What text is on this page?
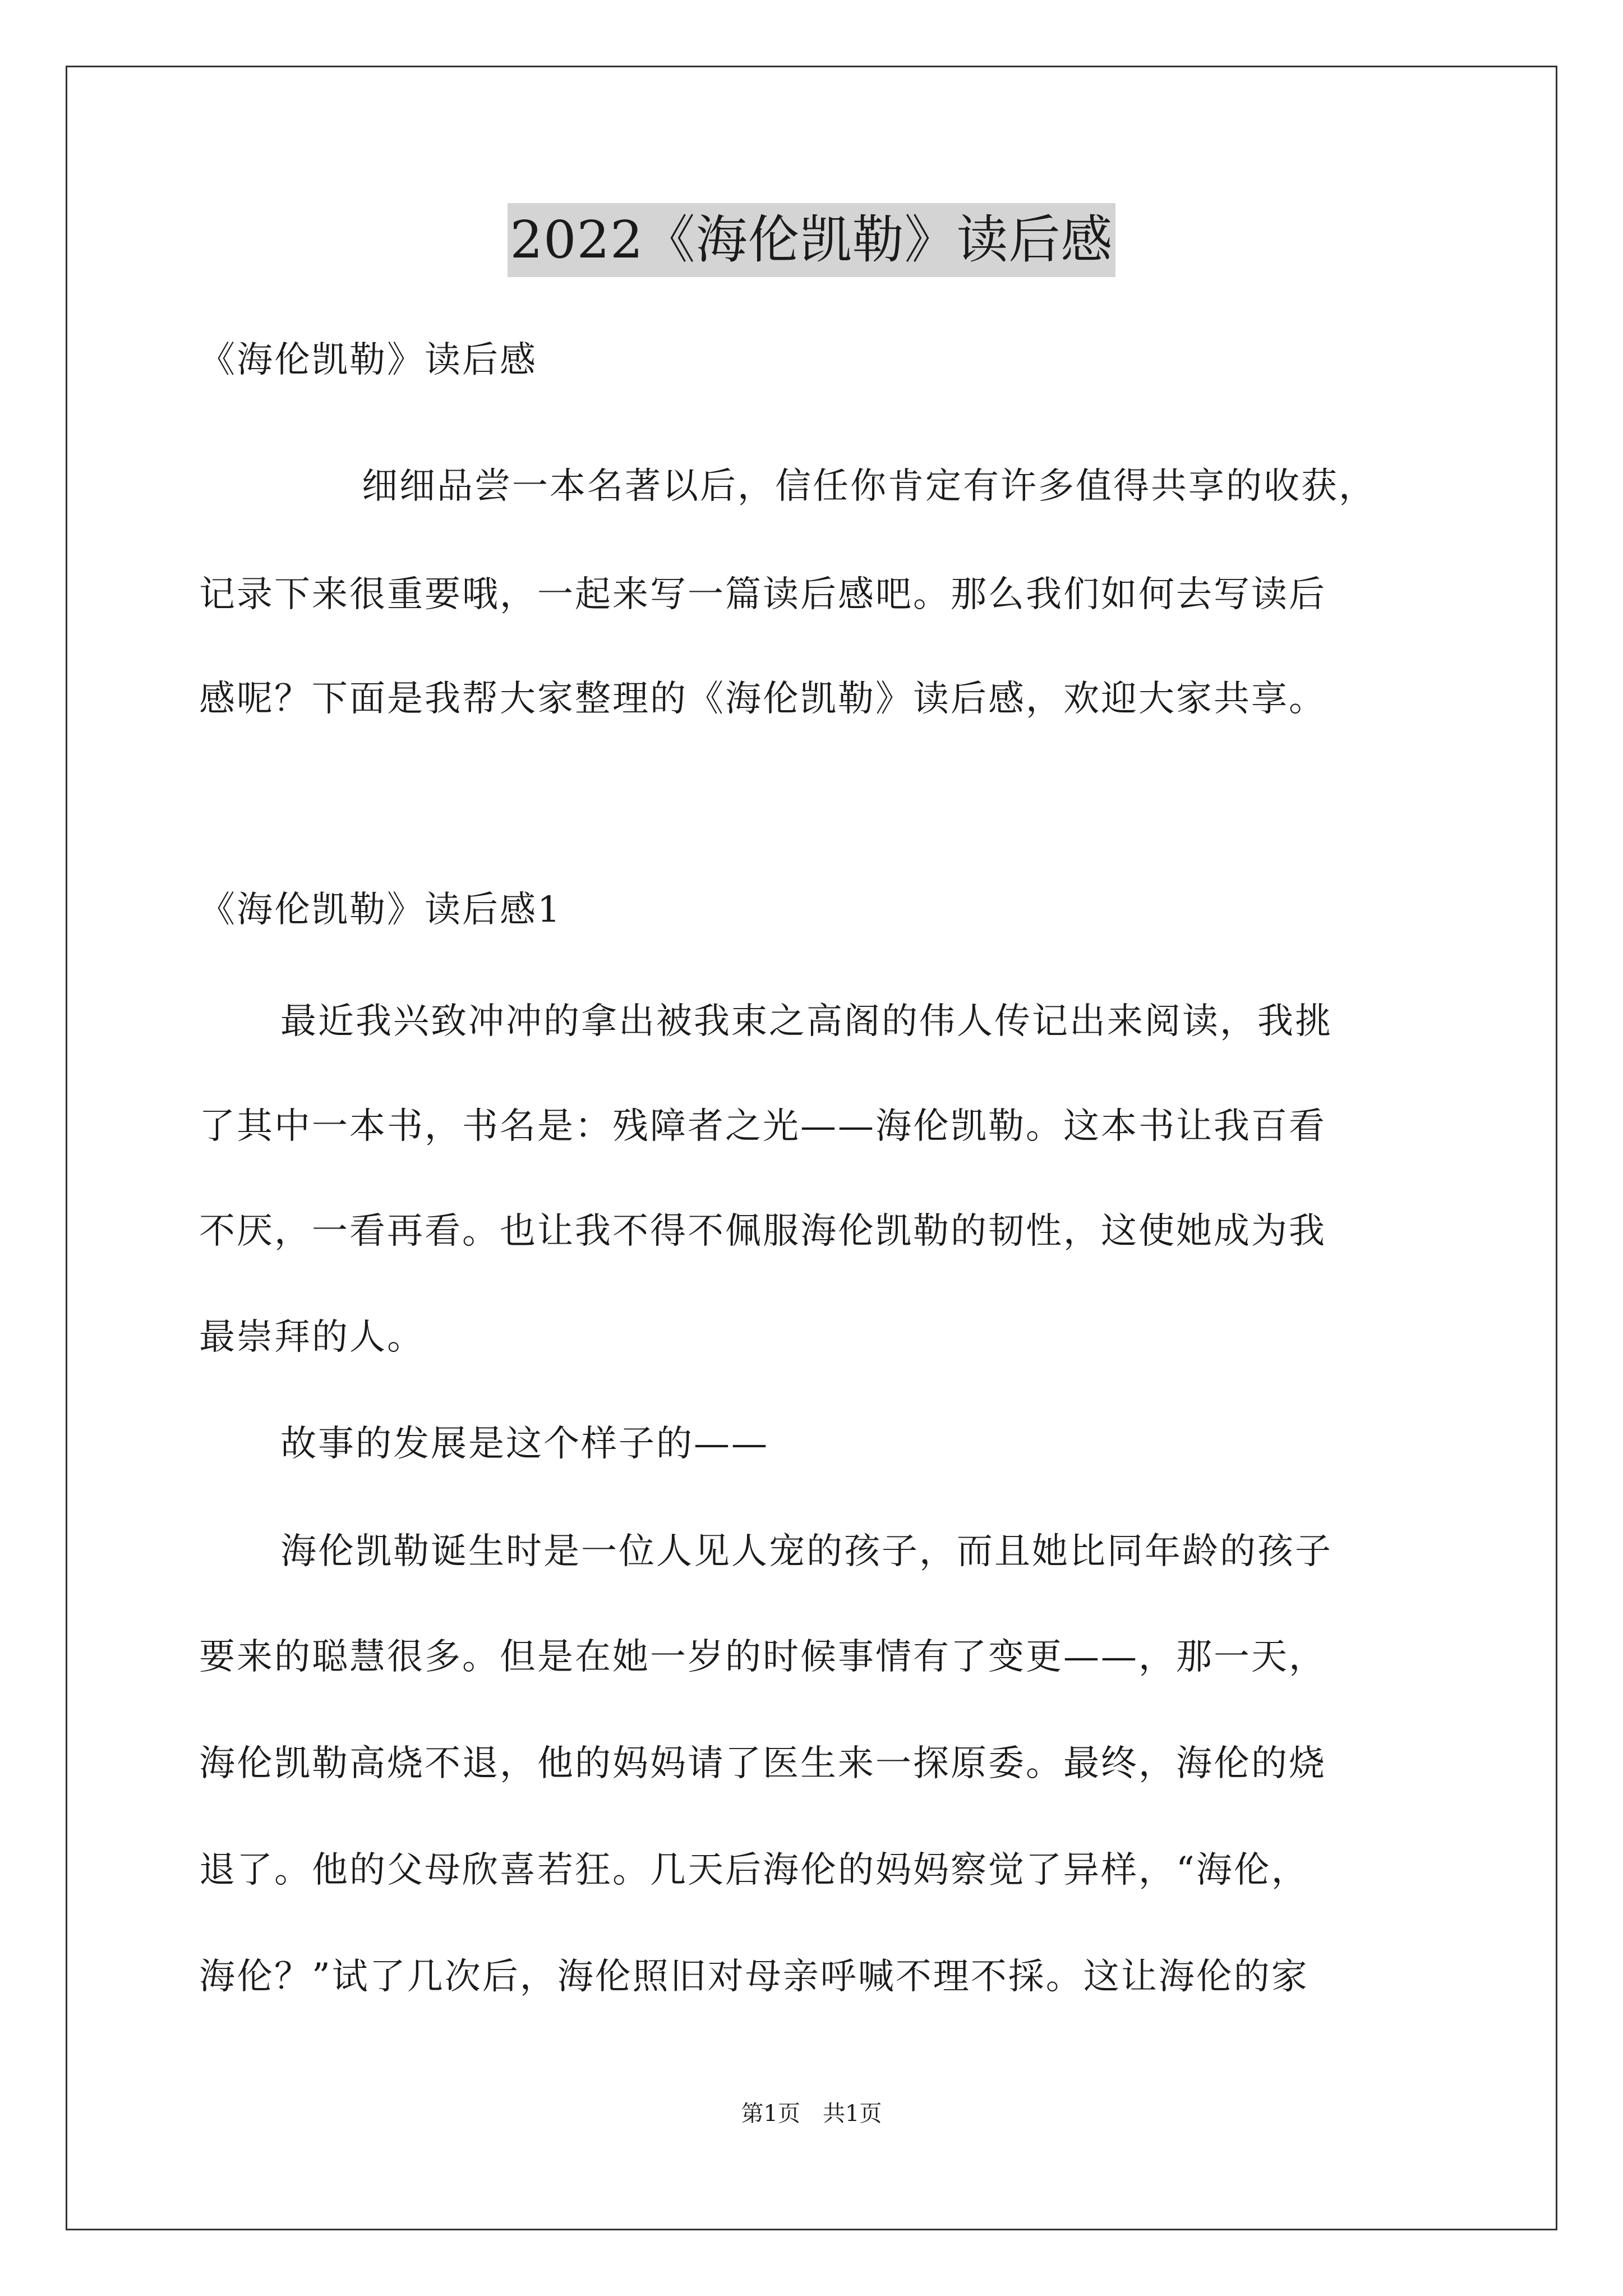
2022《海伦凯勒》读后感
《海伦凯勒》读后感
细细品尝一本名著以后，信任你肯定有许多值得共享的收获，
记录下来很重要哦，一起来写一篇读后感吧。那么我们如何去写读后
感呢？下面是我帮大家整理的《海伦凯勒》读后感，欢迎大家共享。
《海伦凯勒》读后感1
最近我兴致冲冲的拿出被我束之高阁的伟人传记出来阅读，我挑
了其中一本书，书名是：残障者之光——海伦凯勒。这本书让我百看
不厌，一看再看。也让我不得不佩服海伦凯勒的韧性，这使她成为我
最崇拜的人。
故事的发展是这个样子的——
海伦凯勒诞生时是一位人见人宠的孩子，而且她比同年龄的孩子
要来的聪慧很多。但是在她一岁的时候事情有了变更——，那一天，
海伦凯勒高烧不退，他的妈妈请了医生来一探原委。最终，海伦的烧
退了。他的父母欣喜若狂。几天后海伦的妈妈察觉了异样，“海伦，
海伦？”试了几次后，海伦照旧对母亲呼喊不理不採。这让海伦的家
第1页　共1页
